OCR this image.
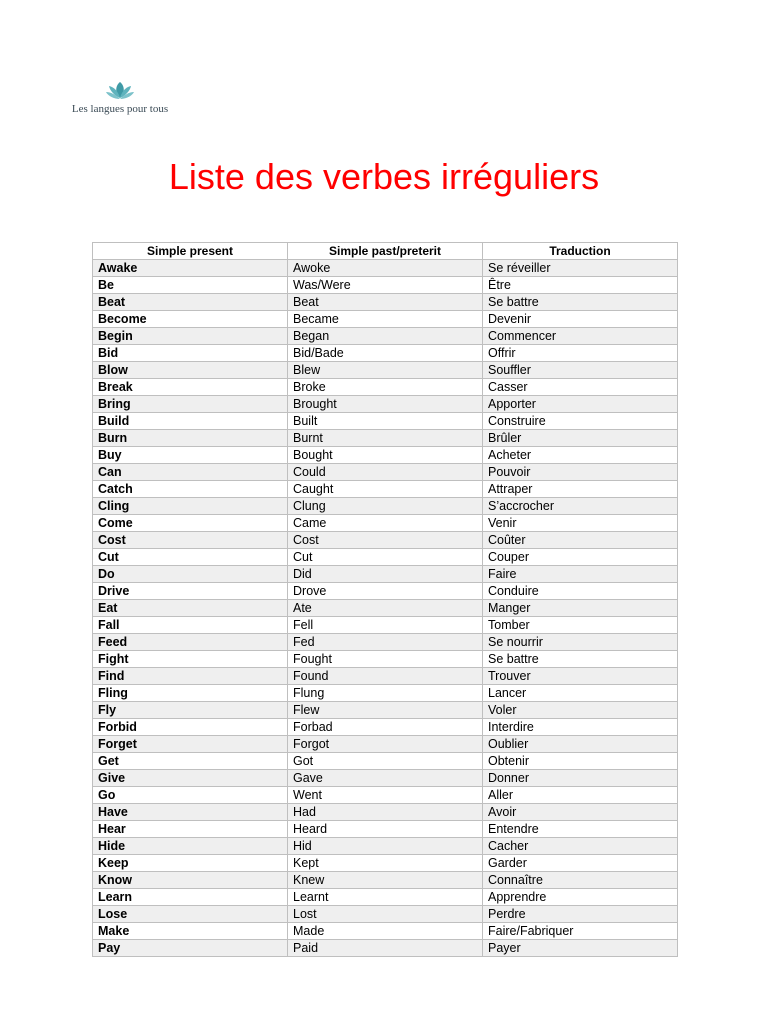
Les langues pour tous
Liste des verbes irréguliers
Simple present	Simple past/preterit	Traduction
Awake	Awoke	Se réveiller
Be	Was/Were	Être
Beat	Beat	Se battre
Become	Became	Devenir
Begin	Began	Commencer
Bid	Bid/Bade	Offrir
Blow	Blew	Souffler
Break	Broke	Casser
Bring	Brought	Apporter
Build	Built	Construire
Burn	Burnt	Brûler
Buy	Bought	Acheter
Can	Could	Pouvoir
Catch	Caught	Attraper
Cling	Clung	S’accrocher
Come	Came	Venir
Cost	Cost	Coûter
Cut	Cut	Couper
Do	Did	Faire
Drive	Drove	Conduire
Eat	Ate	Manger
Fall	Fell	Tomber
Feed	Fed	Se nourrir
Fight	Fought	Se battre
Find	Found	Trouver
Fling	Flung	Lancer
Fly	Flew	Voler
Forbid	Forbad	Interdire
Forget	Forgot	Oublier
Get	Got	Obtenir
Give	Gave	Donner
Go	Went	Aller
Have	Had	Avoir
Hear	Heard	Entendre
Hide	Hid	Cacher
Keep	Kept	Garder
Know	Knew	Connaître
Learn	Learnt	Apprendre
Lose	Lost	Perdre
Make	Made	Faire/Fabriquer
Pay	Paid	Payer
